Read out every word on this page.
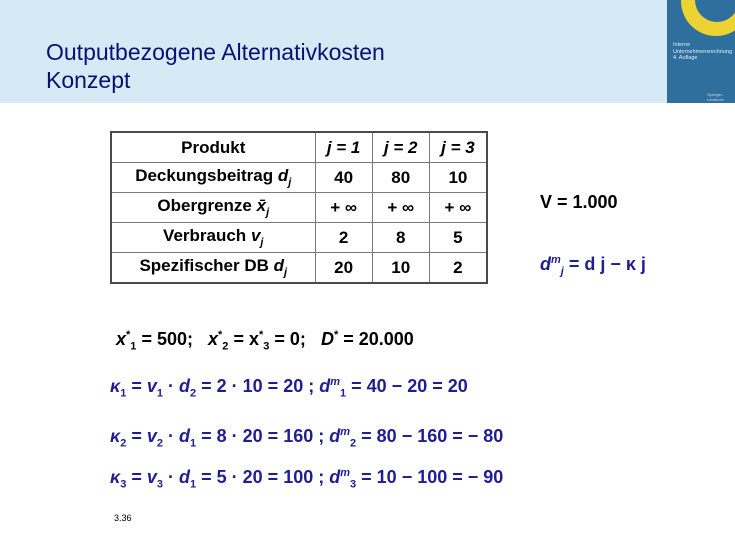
Outputbezogene Alternativkosten
Konzept
Interne
Unternehmensrechnung
4. Auflage
Springer-Lehrbuch
Produkt	j = 1	j = 2	j = 3
Deckungsbeitrag $d_j$	40	80	10
Obergrenze $x̄_j$	+ ∞	+ ∞	+ ∞
Verbrauch $v_j$	2	8	5
Spezifischer DB $d_j$	20	10	2
V = 1.000
$d^m_j = d$ j − κ j
$x^*_1 = 500$; $x^*_2 = x^*_3 = 0$; D* = 20.000
$\kappa_1 = v_1 \cdot d_2 = 2 \cdot 10 = 20$ ; $d^m_1 = 40 - 20 = 20$
$\kappa_2 = v_2 \cdot d_1 = 8 \cdot 20 = 160$ ; $d^m_2 = 80 - 160$ = − 80
$\kappa_3 = v_3 \cdot d_1 = 5 \cdot 20 = 100$ ; $d^m_3 = 10 - 100$ = − 90
3.36
